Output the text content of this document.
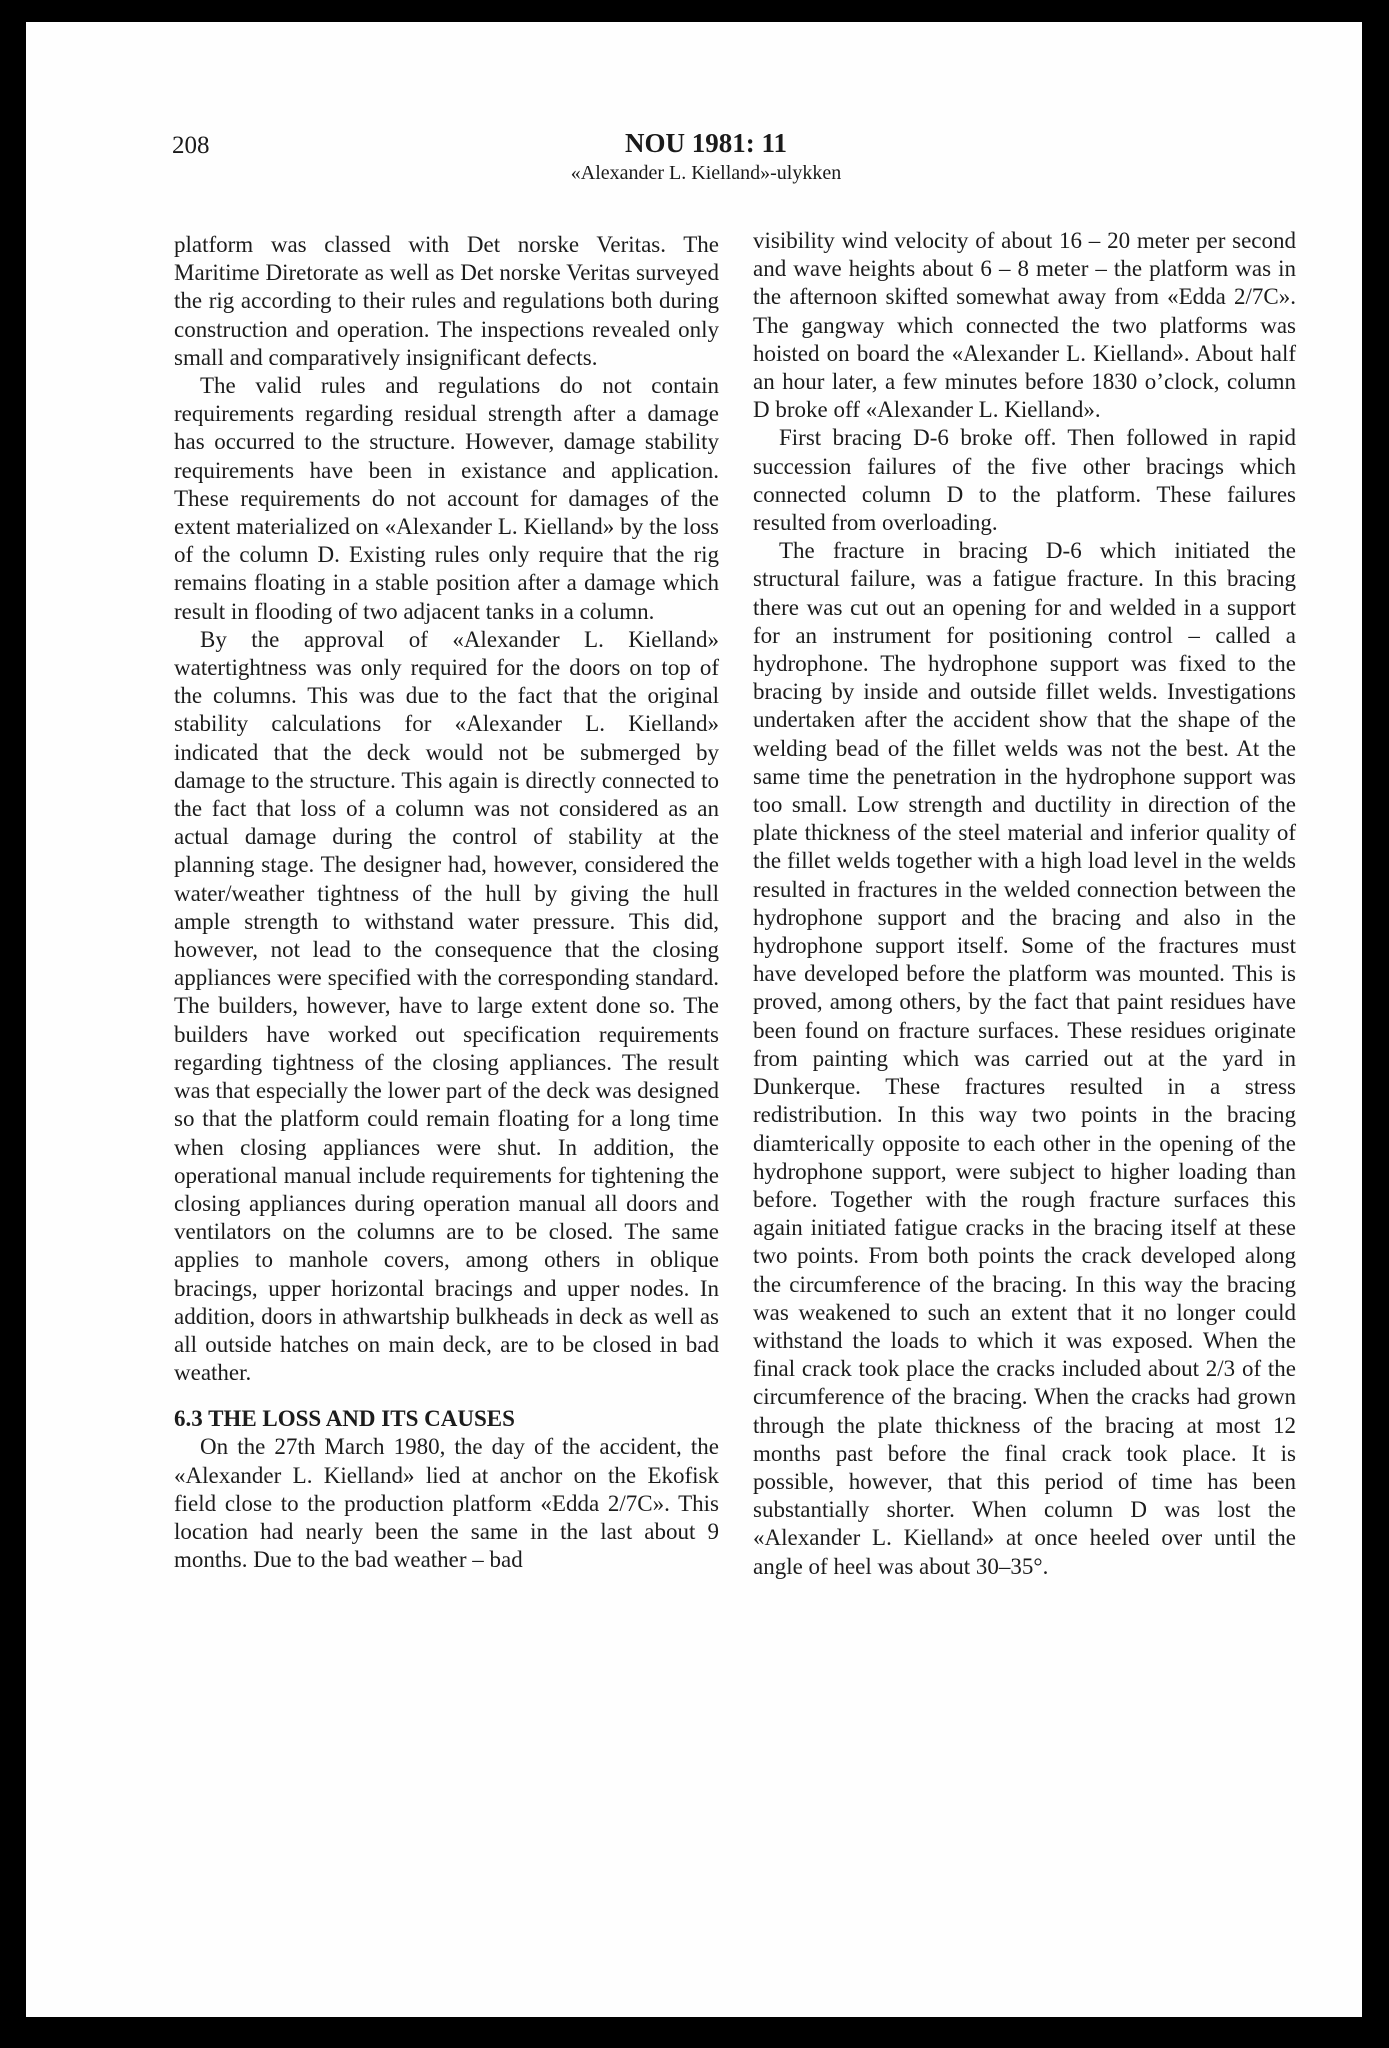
208	NOU 1981: 11
«Alexander L. Kielland»-ulykken

platform was classed with Det norske Veritas. The Maritime Diretorate as well as Det norske Veritas surveyed the rig according to their rules and regulations both during construction and operation. The inspections revealed only small and comparatively insignificant defects.

The valid rules and regulations do not contain requirements regarding residual strength after a damage has occurred to the structure. However, damage stability requirements have been in existance and application. These requirements do not account for damages of the extent materialized on «Alexander L. Kielland» by the loss of the column D. Existing rules only require that the rig remains floating in a stable position after a damage which result in flooding of two adjacent tanks in a column.

By the approval of «Alexander L. Kielland» watertightness was only required for the doors on top of the columns. This was due to the fact that the original stability calculations for «Alexander L. Kielland» indicated that the deck would not be submerged by damage to the structure. This again is directly connected to the fact that loss of a column was not considered as an actual damage during the control of stability at the planning stage. The designer had, however, considered the water/weather tightness of the hull by giving the hull ample strength to withstand water pressure. This did, however, not lead to the consequence that the closing appliances were specified with the corresponding standard. The builders, however, have to large extent done so. The builders have worked out specification requirements regarding tightness of the closing appliances. The result was that especially the lower part of the deck was designed so that the platform could remain floating for a long time when closing appliances were shut. In addition, the operational manual include requirements for tightening the closing appliances during operation manual all doors and ventilators on the columns are to be closed. The same applies to manhole covers, among others in oblique bracings, upper horizontal bracings and upper nodes. In addition, doors in athwartship bulkheads in deck as well as all outside hatches on main deck, are to be closed in bad weather.

6.3 THE LOSS AND ITS CAUSES

On the 27th March 1980, the day of the accident, the «Alexander L. Kielland» lied at anchor on the Ekofisk field close to the production platform «Edda 2/7C». This location had nearly been the same in the last about 9 months. Due to the bad weather – bad

visibility wind velocity of about 16 – 20 meter per second and wave heights about 6 – 8 meter – the platform was in the afternoon skifted somewhat away from «Edda 2/7C». The gangway which connected the two platforms was hoisted on board the «Alexander L. Kielland». About half an hour later, a few minutes before 1830 o’clock, column D broke off «Alexander L. Kielland».

First bracing D-6 broke off. Then followed in rapid succession failures of the five other bracings which connected column D to the platform. These failures resulted from overloading.

The fracture in bracing D-6 which initiated the structural failure, was a fatigue fracture. In this bracing there was cut out an opening for and welded in a support for an instrument for positioning control – called a hydrophone. The hydrophone support was fixed to the bracing by inside and outside fillet welds. Investigations undertaken after the accident show that the shape of the welding bead of the fillet welds was not the best. At the same time the penetration in the hydrophone support was too small. Low strength and ductility in direction of the plate thickness of the steel material and inferior quality of the fillet welds together with a high load level in the welds resulted in fractures in the welded connection between the hydrophone support and the bracing and also in the hydrophone support itself. Some of the fractures must have developed before the platform was mounted. This is proved, among others, by the fact that paint residues have been found on fracture surfaces. These residues originate from painting which was carried out at the yard in Dunkerque. These fractures resulted in a stress redistribution. In this way two points in the bracing diamterically opposite to each other in the opening of the hydrophone support, were subject to higher loading than before. Together with the rough fracture surfaces this again initiated fatigue cracks in the bracing itself at these two points. From both points the crack developed along the circumference of the bracing. In this way the bracing was weakened to such an extent that it no longer could withstand the loads to which it was exposed. When the final crack took place the cracks included about 2/3 of the circumference of the bracing. When the cracks had grown through the plate thickness of the bracing at most 12 months past before the final crack took place. It is possible, however, that this period of time has been substantially shorter. When column D was lost the «Alexander L. Kielland» at once heeled over until the angle of heel was about 30–35°.
